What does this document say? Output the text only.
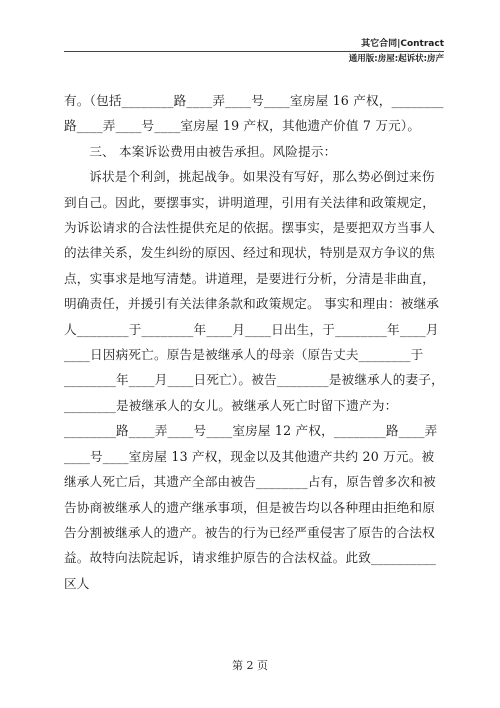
其它合同|Contract
通用版:房屋:起诉状:房产

有。（包括________路____弄____号____室房屋 16 产权，________路____弄____号____室房屋 19 产权，其他遗产价值 7 万元）。

三、 本案诉讼费用由被告承担。风险提示：

诉状是个利剑，挑起战争。如果没有写好，那么势必倒过来伤到自己。因此，要摆事实，讲明道理，引用有关法律和政策规定，为诉讼请求的合法性提供充足的依据。摆事实，是要把双方当事人的法律关系，发生纠纷的原因、经过和现状，特别是双方争议的焦点，实事求是地写清楚。讲道理，是要进行分析，分清是非曲直，明确责任，并援引有关法律条款和政策规定。 事实和理由：被继承人________于________年____月____日出生，于________年____月____日因病死亡。原告是被继承人的母亲（原告丈夫________于________年____月____日死亡）。被告________是被继承人的妻子，________是被继承人的女儿。被继承人死亡时留下遗产为：________路____弄____号____室房屋 12 产权，________路____弄____号____室房屋 13 产权，现金以及其他遗产共约 20 万元。被继承人死亡后，其遗产全部由被告________占有，原告曾多次和被告协商被继承人的遗产继承事项，但是被告均以各种理由拒绝和原告分割被继承人的遗产。被告的行为已经严重侵害了原告的合法权益。故特向法院起诉，请求维护原告的合法权益。此致__________区人

第 2 页
